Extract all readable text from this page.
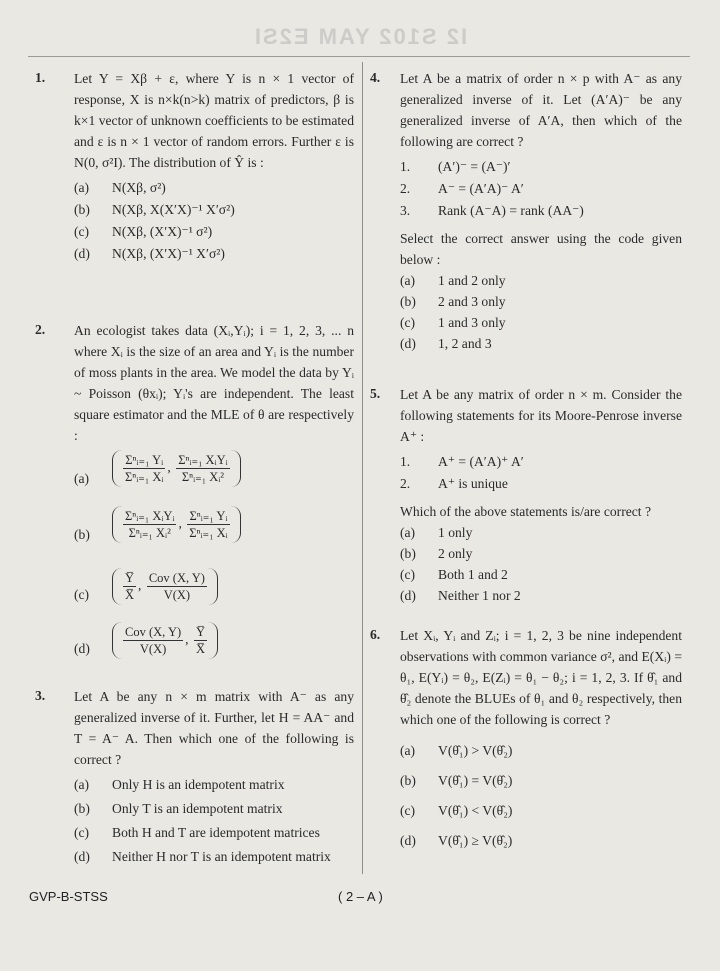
I2 S102 YAM E2SI
1. Let Y = Xβ + ε, where Y is n × 1 vector of response, X is n×k(n>k) matrix of predictors, β is k×1 vector of unknown coefficients to be estimated and ε is n × 1 vector of random errors. Further ε is N(0, σ²I). The distribution of Ŷ is :
(a) N(Xβ, σ²)
(b) N(Xβ, X(X′X)⁻¹ X′σ²)
(c) N(Xβ, (X′X)⁻¹ σ²)
(d) N(Xβ, (X′X)⁻¹ X′σ²)
2. An ecologist takes data (Xᵢ,Yᵢ); i = 1, 2, 3, ... n where Xᵢ is the size of an area and Yᵢ is the number of moss plants in the area. We model the data by Yᵢ ~ Poisson (θxᵢ); Yᵢ's are independent. The least square estimator and the MLE of θ are respectively :
(a)	$\frac{\text{Σⁿᵢ₌₁ Yᵢ}}{\text{Σⁿᵢ₌₁ Xᵢ}}$ , $\frac{\text{Σⁿᵢ₌₁ XᵢYᵢ}}{\text{Σⁿᵢ₌₁ Xᵢ²}}$
(b)	$\frac{\text{Σⁿᵢ₌₁ XᵢYᵢ}}{\text{Σⁿᵢ₌₁ Xᵢ²}}$ , $\frac{\text{Σⁿᵢ₌₁ Yᵢ}}{\text{Σⁿᵢ₌₁ Xᵢ}}$
(c)	$\frac{Y̅}{X̅}$ , $\frac{\text{Cov (X, Y)}}{V(X)}$
(d)	$\frac{\text{Cov (X, Y)}}{V(X)}$ , $\frac{Y̅}{X̅}$
3. Let A be any n × m matrix with A⁻ as any generalized inverse of it. Further, let H = AA⁻ and T = A⁻ A. Then which one of the following is correct ?
(a) Only H is an idempotent matrix
(b) Only T is an idempotent matrix
(c) Both H and T are idempotent matrices
(d) Neither H nor T is an idempotent matrix
4. Let A be a matrix of order n × p with A⁻ as any generalized inverse of it. Let (A′A)⁻ be any generalized inverse of A′A, then which of the following are correct ?
1. (A′)⁻ = (A⁻)′
2. A⁻ = (A′A)⁻ A′
3. Rank (A⁻A) = rank (AA⁻)
Select the correct answer using the code given below :
(a) 1 and 2 only
(b) 2 and 3 only
(c) 1 and 3 only
(d) 1, 2 and 3
5. Let A be any matrix of order n × m. Consider the following statements for its Moore-Penrose inverse A⁺ :
1. A⁺ = (A′A)⁺ A′
2. A⁺ is unique
Which of the above statements is/are correct ?
(a) 1 only
(b) 2 only
(c) Both 1 and 2
(d) Neither 1 nor 2
6. Let Xᵢ, Yᵢ and Zᵢ; i = 1, 2, 3 be nine independent observations with common variance σ², and E(Xᵢ) = θ₁, E(Yᵢ) = θ₂, E(Zᵢ) = θ₁ − θ₂; i = 1, 2, 3. If θ̂₁ and θ̂₂ denote the BLUEs of θ₁ and θ₂ respectively, then which one of the following is correct ?
(a) V(θ̂₁) > V(θ̂₂)
(b) V(θ̂₁) = V(θ̂₂)
(c) V(θ̂₁) < V(θ̂₂)
(d) V(θ̂₁) ≥ V(θ̂₂)
GVP-B-STSS	( 2 – A )
